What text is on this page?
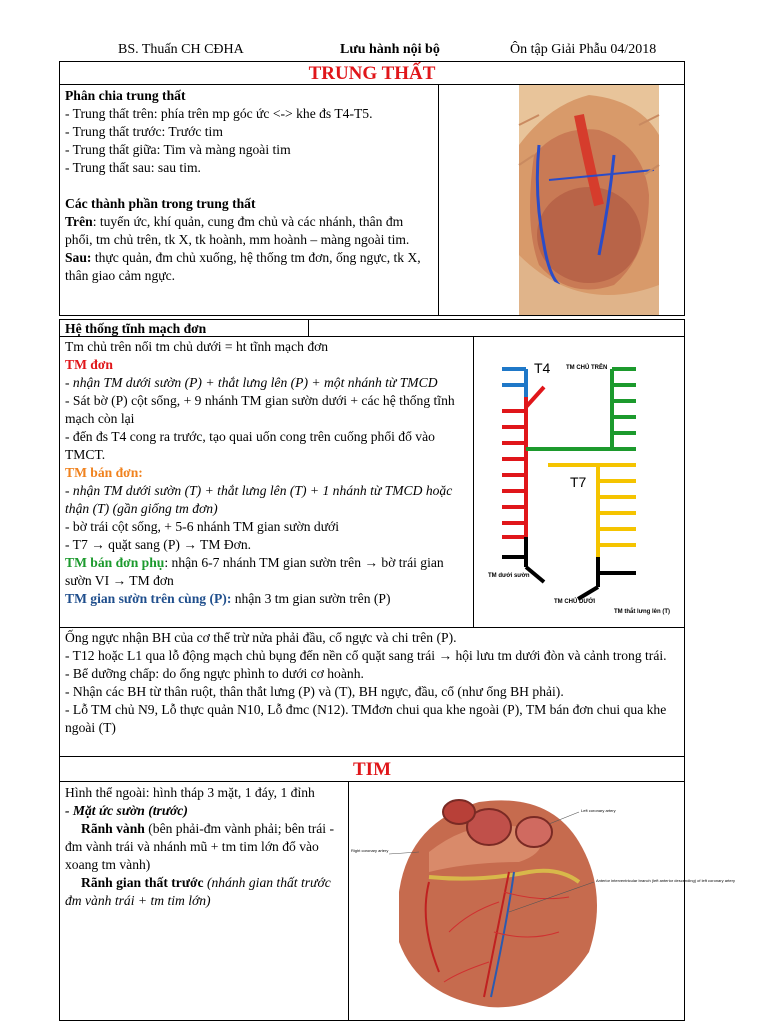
BS. Thuấn CH CĐHA	Lưu hành nội bộ	Ôn tập Giải Phẫu 04/2018
TRUNG THẤT
Phân chia trung thất
- Trung thất trên: phía trên mp góc ức <-> khe đs T4-T5.
- Trung thất trước: Trước tim
- Trung thất giữa: Tim và màng ngoài tim
- Trung thất sau: sau tim.
Các thành phần trong trung thất
Trên: tuyến ức, khí quản, cung đm chủ và các nhánh, thân đm phổi, tm chủ trên, tk X, tk hoành, mm hoành – màng ngoài tim.
Sau: thực quản, đm chủ xuống, hệ thống tm đơn, ống ngực, tk X, thân giao cảm ngực.
Hệ thống tĩnh mạch đơn
Tm chủ trên nối tm chủ dưới = ht tĩnh mạch đơn
TM đơn
- nhận TM dưới sườn (P) + thắt lưng lên (P) + một nhánh từ TMCD
- Sát bờ (P) cột sống, + 9 nhánh TM gian sườn dưới + các hệ thống tĩnh mạch còn lại
- đến đs T4 cong ra trước, tạo quai uốn cong trên cuống phổi đổ vào TMCT.
TM bán đơn:
- nhận TM dưới sườn (T) + thắt lưng lên (T) + 1 nhánh từ TMCD hoặc thận (T) (gần giống tm đơn)
- bờ trái cột sống, + 5-6 nhánh TM gian sườn dưới
- T7 → quặt sang (P) → TM Đơn.
TM bán đơn phụ: nhận 6-7 nhánh TM gian sườn trên → bờ trái gian sườn VI → TM đơn
TM gian sườn trên cùng (P): nhận 3 tm gian sườn trên (P)
T4	TM CHỦ TRÊN
T7
TM dưới sườn
TM CHỦ DƯỚI
TM thắt lưng lên (T)
Ống ngực nhận BH của cơ thể trừ nửa phải đầu, cổ ngực và chi trên (P).
- T12 hoặc L1 qua lỗ động mạch chủ bụng đến nền cổ quặt sang trái → hội lưu tm dưới đòn và cảnh trong trái.
- Bể dưỡng chấp: do ống ngực phình to dưới cơ hoành.
- Nhận các BH từ thân ruột, thân thắt lưng (P) và (T), BH ngực, đầu, cổ (như ống BH phải).
- Lỗ TM chủ N9, Lỗ thực quản N10, Lỗ đmc (N12). TMđơn chui qua khe ngoài (P), TM bán đơn chui qua khe ngoài (T)
TIM
Hình thể ngoài: hình tháp 3 mặt, 1 đáy, 1 đỉnh
- Mặt ức sườn (trước)
Rãnh vành (bên phải-đm vành phải; bên trái - đm vành trái và nhánh mũ + tm tim lớn đổ vào xoang tm vành)
Rãnh gian thất trước (nhánh gian thất trước đm vành trái + tm tim lớn)
Left coronary artery
Right coronary artery
Anterior interventricular branch (left anterior descending) of left coronary artery
